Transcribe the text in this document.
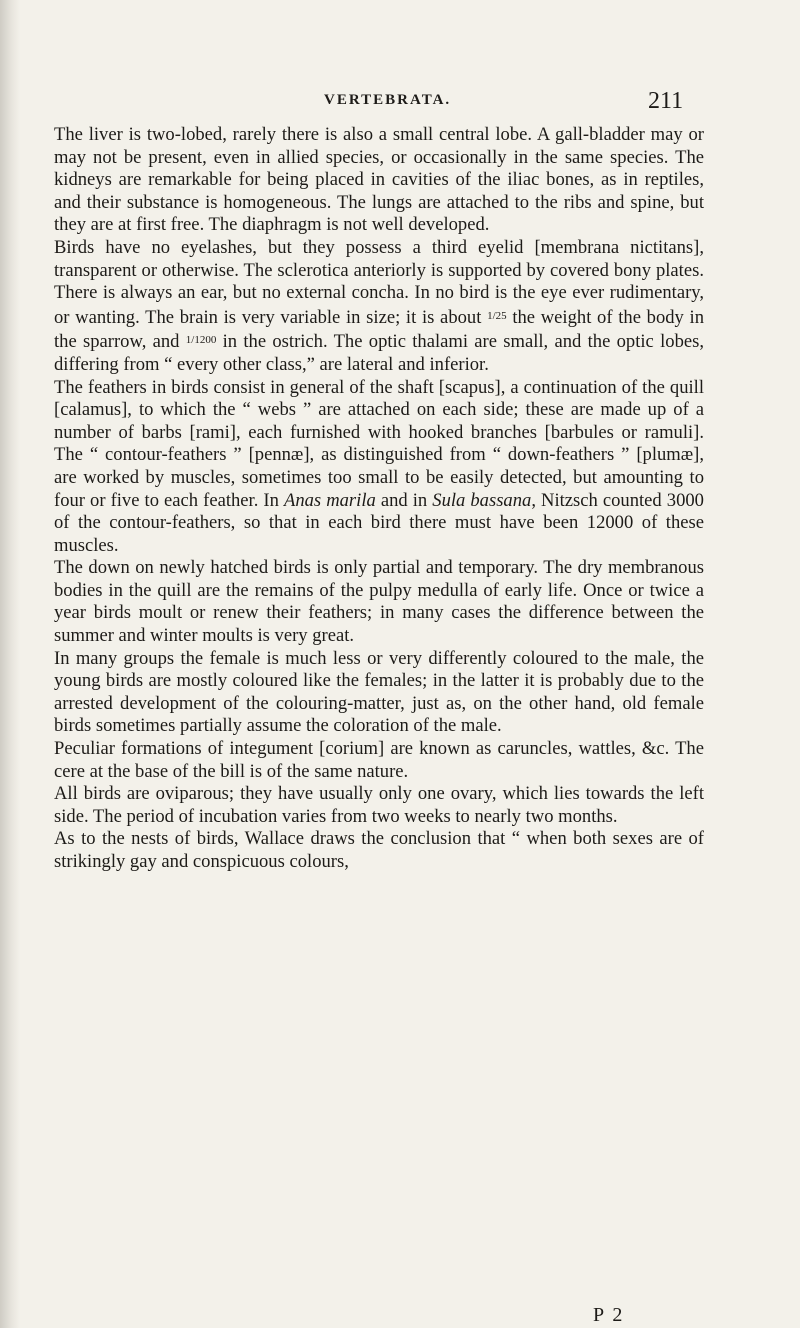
VERTEBRATA.	211

The liver is two-lobed, rarely there is also a small central lobe. A gall-bladder may or may not be present, even in allied species, or occasionally in the same species. The kidneys are remarkable for being placed in cavities of the iliac bones, as in reptiles, and their substance is homogeneous. The lungs are attached to the ribs and spine, but they are at first free. The diaphragm is not well developed.

Birds have no eyelashes, but they possess a third eyelid [membrana nictitans], transparent or otherwise. The sclerotica anteriorly is supported by covered bony plates. There is always an ear, but no external concha. In no bird is the eye ever rudimentary, or wanting. The brain is very variable in size; it is about $^{1/25}$ the weight of the body in the sparrow, and $^{1/1200}$ in the ostrich. The optic thalami are small, and the optic lobes, differing from “ every other class,” are lateral and inferior.

The feathers in birds consist in general of the shaft [scapus], a continuation of the quill [calamus], to which the “ webs ” are attached on each side; these are made up of a number of barbs [rami], each furnished with hooked branches [barbules or ramuli]. The “ contour-feathers ” [pennæ], as distinguished from “ down-feathers ” [plumæ], are worked by muscles, sometimes too small to be easily detected, but amounting to four or five to each feather. In Anas marila and in Sula bassana, Nitzsch counted 3000 of the contour-feathers, so that in each bird there must have been 12000 of these muscles.

The down on newly hatched birds is only partial and temporary. The dry membranous bodies in the quill are the remains of the pulpy medulla of early life. Once or twice a year birds moult or renew their feathers; in many cases the difference between the summer and winter moults is very great.

In many groups the female is much less or very differently coloured to the male, the young birds are mostly coloured like the females; in the latter it is probably due to the arrested development of the colouring-matter, just as, on the other hand, old female birds sometimes partially assume the coloration of the male.

Peculiar formations of integument [corium] are known as caruncles, wattles, &c. The cere at the base of the bill is of the same nature.

All birds are oviparous; they have usually only one ovary, which lies towards the left side. The period of incubation varies from two weeks to nearly two months.

As to the nests of birds, Wallace draws the conclusion that “ when both sexes are of strikingly gay and conspicuous colours,

P 2
